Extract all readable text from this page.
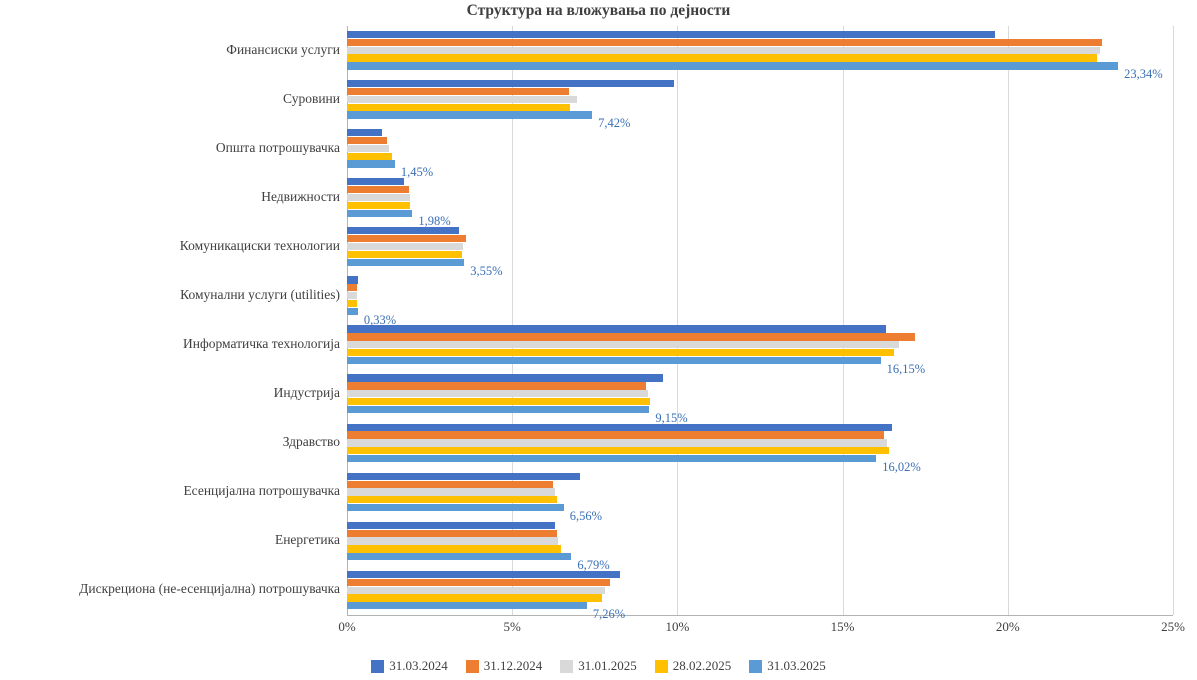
Структура на вложувања по дејности
0%	5%	10%	15%	20%	25%
Финансиски услуги
Суровини
Општа потрошувачка
Недвижности
Комуникациски технологии
Комунални услуги (utilities)
Информатичка технологија
Индустрија
Здравство
Есенцијална потрошувачка
Енергетика
Дискрециона (не-есенцијална) потрошувачка
23,34%
7,42%
1,45%
1,98%
3,55%
0,33%
16,15%
9,15%
16,02%
6,56%
6,79%
7,26%
31.03.2024	31.12.2024	31.01.2025	28.02.2025	31.03.2025
